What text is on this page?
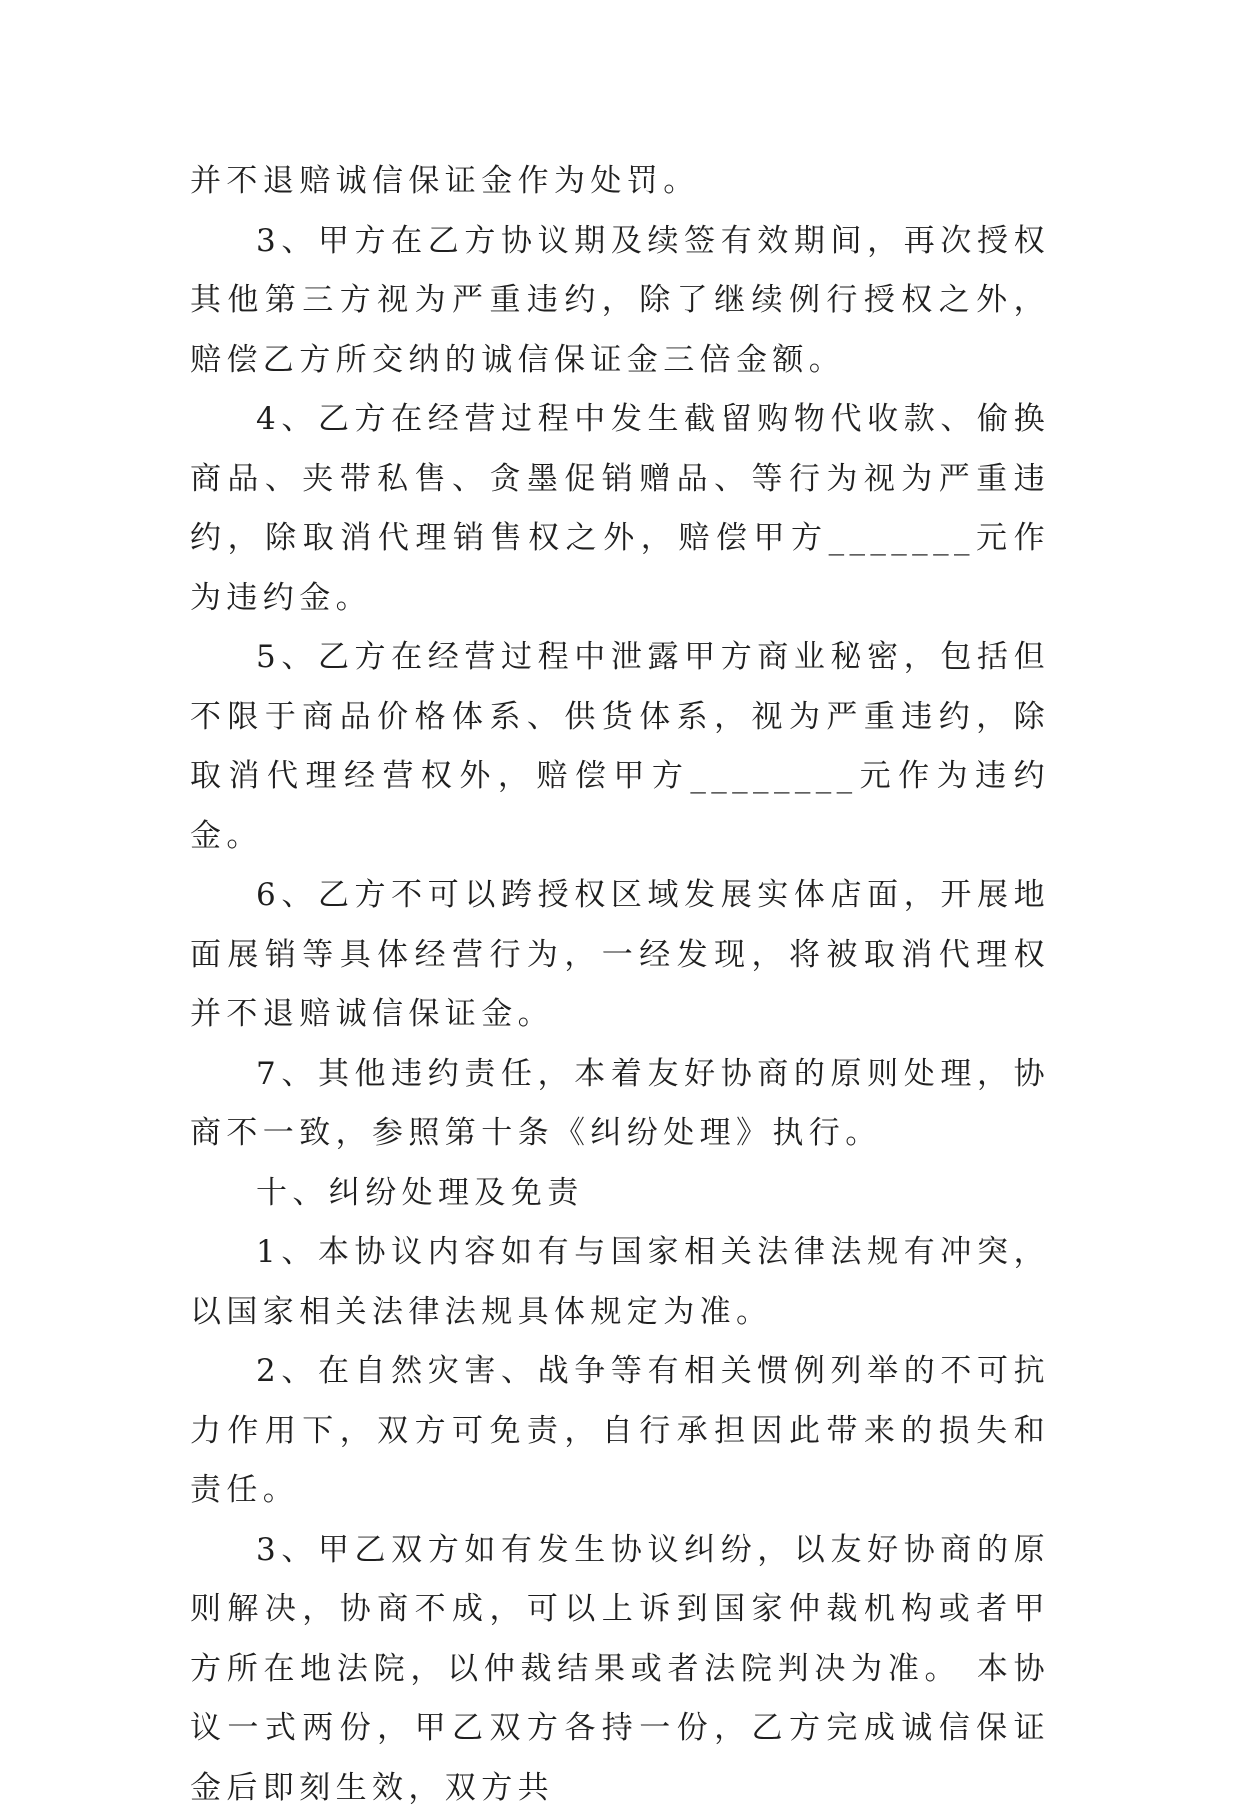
并不退赔诚信保证金作为处罚。

3、甲方在乙方协议期及续签有效期间，再次授权其他第三方视为严重违约，除了继续例行授权之外，赔偿乙方所交纳的诚信保证金三倍金额。

4、乙方在经营过程中发生截留购物代收款、偷换商品、夹带私售、贪墨促销赠品、等行为视为严重违约，除取消代理销售权之外，赔偿甲方_______元作为违约金。

5、乙方在经营过程中泄露甲方商业秘密，包括但不限于商品价格体系、供货体系，视为严重违约，除取消代理经营权外，赔偿甲方________元作为违约金。

6、乙方不可以跨授权区域发展实体店面，开展地面展销等具体经营行为，一经发现，将被取消代理权并不退赔诚信保证金。

7、其他违约责任，本着友好协商的原则处理，协商不一致，参照第十条《纠纷处理》执行。

十、纠纷处理及免责

1、本协议内容如有与国家相关法律法规有冲突，以国家相关法律法规具体规定为准。

2、在自然灾害、战争等有相关惯例列举的不可抗力作用下，双方可免责，自行承担因此带来的损失和责任。

3、甲乙双方如有发生协议纠纷，以友好协商的原则解决，协商不成，可以上诉到国家仲裁机构或者甲方所在地法院，以仲裁结果或者法院判决为准。 本协议一式两份，甲乙双方各持一份，乙方完成诚信保证金后即刻生效，双方共
